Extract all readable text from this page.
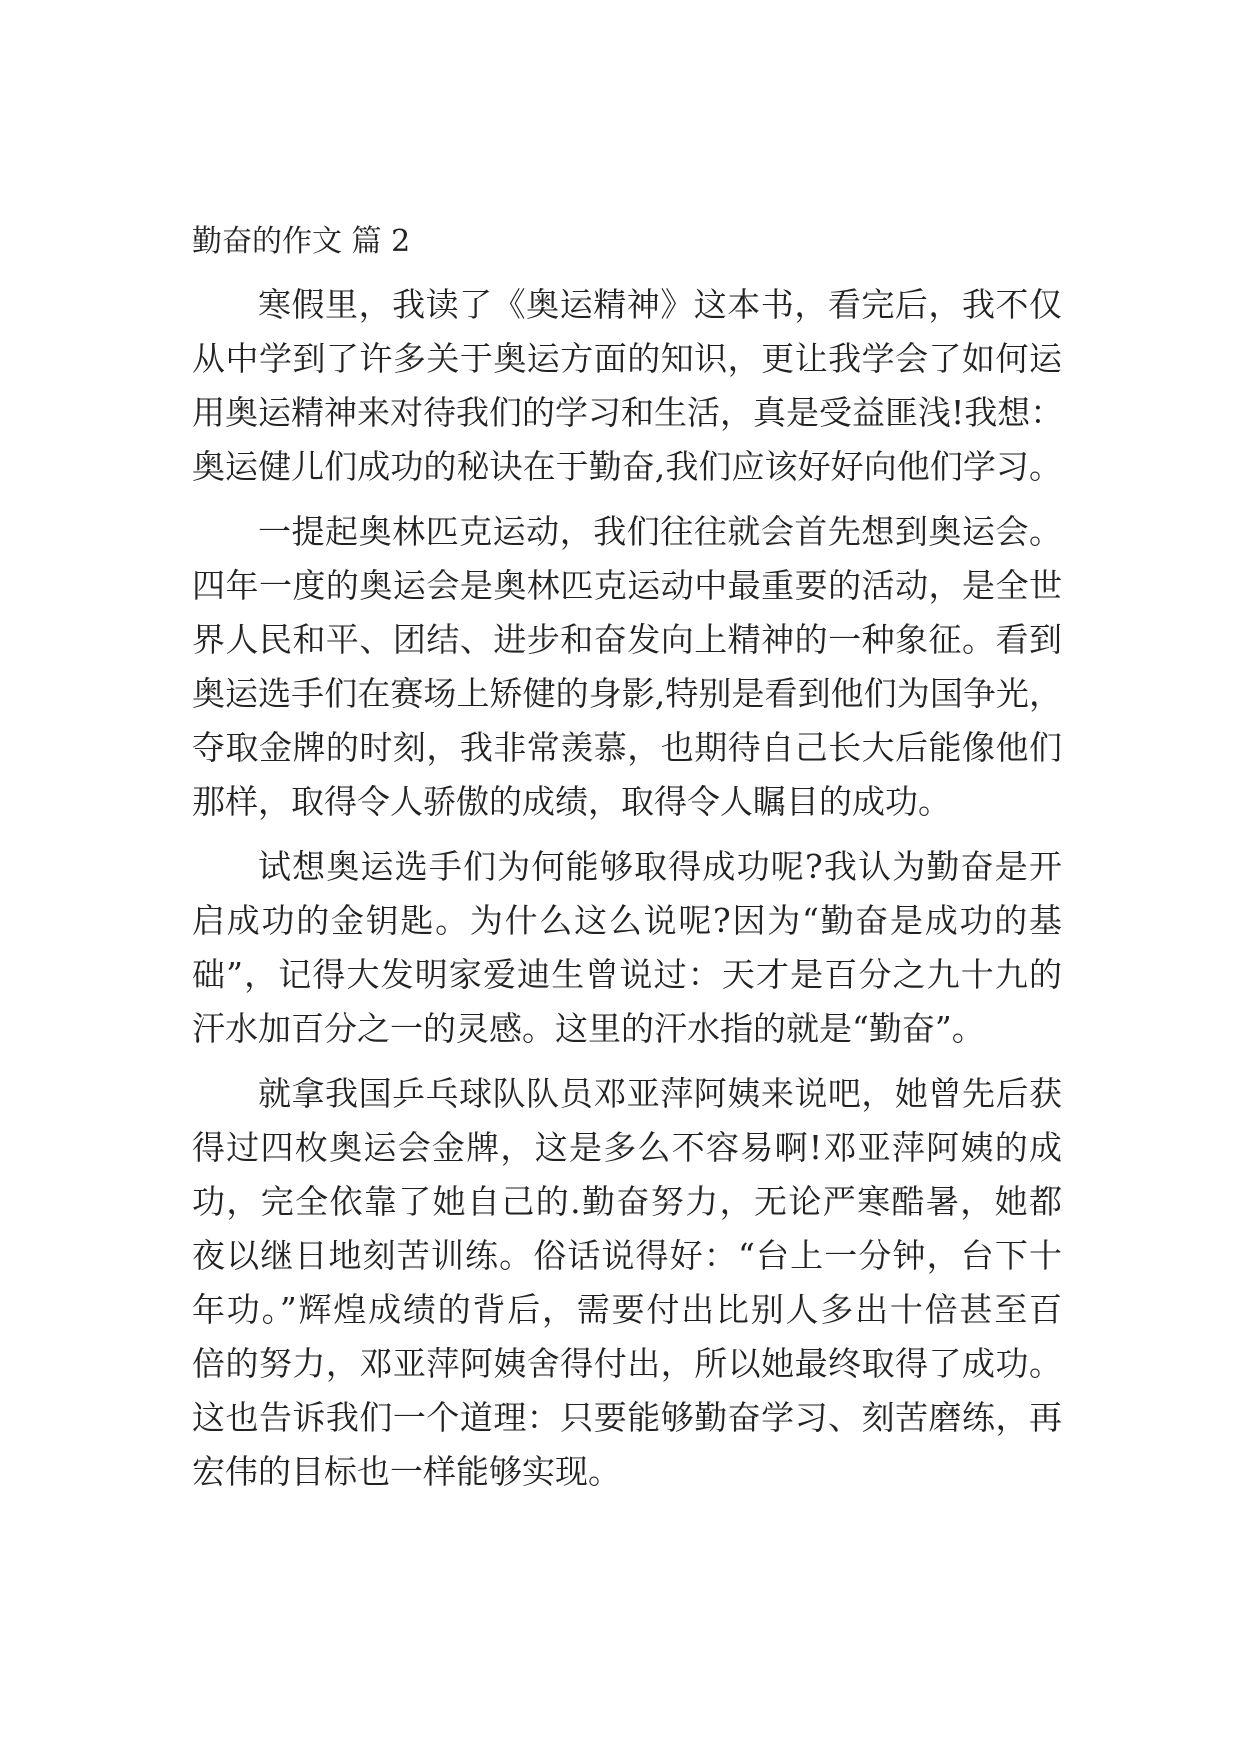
勤奋的作文 篇 2

寒假里，我读了《奥运精神》这本书，看完后，我不仅
从中学到了许多关于奥运方面的知识，更让我学会了如何运
用奥运精神来对待我们的学习和生活，真是受益匪浅!我想：
奥运健儿们成功的秘诀在于勤奋,我们应该好好向他们学习。

一提起奥林匹克运动，我们往往就会首先想到奥运会。
四年一度的奥运会是奥林匹克运动中最重要的活动，是全世
界人民和平、团结、进步和奋发向上精神的一种象征。看到
奥运选手们在赛场上矫健的身影,特别是看到他们为国争光，
夺取金牌的时刻，我非常羡慕，也期待自己长大后能像他们
那样，取得令人骄傲的成绩，取得令人瞩目的成功。

试想奥运选手们为何能够取得成功呢?我认为勤奋是开
启成功的金钥匙。为什么这么说呢?因为“勤奋是成功的基
础”，记得大发明家爱迪生曾说过：天才是百分之九十九的
汗水加百分之一的灵感。这里的汗水指的就是“勤奋”。

就拿我国乒乓球队队员邓亚萍阿姨来说吧，她曾先后获
得过四枚奥运会金牌，这是多么不容易啊!邓亚萍阿姨的成
功，完全依靠了她自己的.勤奋努力，无论严寒酷暑，她都
夜以继日地刻苦训练。俗话说得好：“台上一分钟，台下十
年功。”辉煌成绩的背后，需要付出比别人多出十倍甚至百
倍的努力，邓亚萍阿姨舍得付出，所以她最终取得了成功。
这也告诉我们一个道理：只要能够勤奋学习、刻苦磨练，再
宏伟的目标也一样能够实现。
